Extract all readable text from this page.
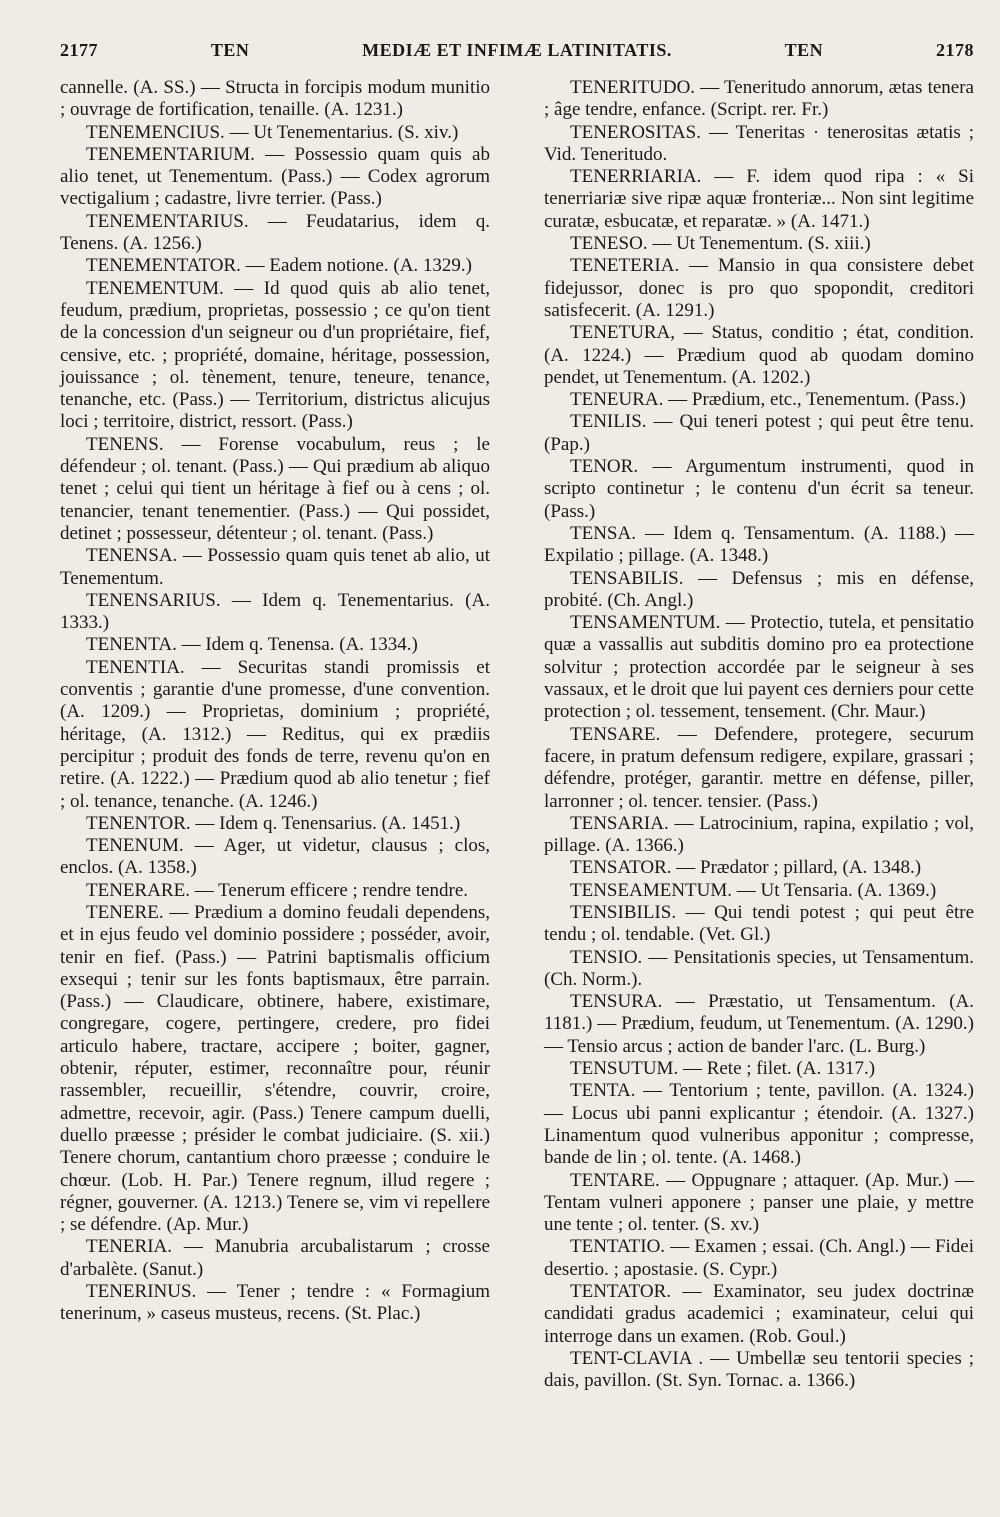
2177	TEN	MEDIÆ ET INFIMÆ LATINITATIS.	TEN	2178

cannelle. (A. SS.) — Structa in forcipis modum munitio ; ouvrage de fortification, tenaille. (A. 1231.)

TENEMENCIUS. — Ut Tenementarius. (S. xiv.)

TENEMENTARIUM. — Possessio quam quis ab alio tenet, ut Tenementum. (Pass.) — Codex agrorum vectigalium ; cadastre, livre terrier. (Pass.)

TENEMENTARIUS. — Feudatarius, idem q. Tenens. (A. 1256.)

TENEMENTATOR. — Eadem notione. (A. 1329.)

TENEMENTUM. — Id quod quis ab alio tenet, feudum, prædium, proprietas, possessio ; ce qu'on tient de la concession d'un seigneur ou d'un propriétaire, fief, censive, etc. ; propriété, domaine, héritage, possession, jouissance ; ol. tènement, tenure, teneure, tenance, tenanche, etc. (Pass.) — Territorium, districtus alicujus loci ; territoire, district, ressort. (Pass.)

TENENS. — Forense vocabulum, reus ; le défendeur ; ol. tenant. (Pass.) — Qui prædium ab aliquo tenet ; celui qui tient un héritage à fief ou à cens ; ol. tenancier, tenant tenementier. (Pass.) — Qui possidet, detinet ; possesseur, détenteur ; ol. tenant. (Pass.)

TENENSA. — Possessio quam quis tenet ab alio, ut Tenementum.

TENENSARIUS. — Idem q. Tenementarius. (A. 1333.)

TENENTA. — Idem q. Tenensa. (A. 1334.)

TENENTIA. — Securitas standi promissis et conventis ; garantie d'une promesse, d'une convention. (A. 1209.) — Proprietas, dominium ; propriété, héritage, (A. 1312.) — Reditus, qui ex prædiis percipitur ; produit des fonds de terre, revenu qu'on en retire. (A. 1222.) — Prædium quod ab alio tenetur ; fief ; ol. tenance, tenanche. (A. 1246.)

TENENTOR. — Idem q. Tenensarius. (A. 1451.)

TENENUM. — Ager, ut videtur, clausus ; clos, enclos. (A. 1358.)

TENERARE. — Tenerum efficere ; rendre tendre.

TENERE. — Prædium a domino feudali dependens, et in ejus feudo vel dominio possidere ; posséder, avoir, tenir en fief. (Pass.) — Patrini baptismalis officium exsequi ; tenir sur les fonts baptismaux, être parrain. (Pass.) — Claudicare, obtinere, habere, existimare, congregare, cogere, pertingere, credere, pro fidei articulo habere, tractare, accipere ; boiter, gagner, obtenir, réputer, estimer, reconnaître pour, réunir rassembler, recueillir, s'étendre, couvrir, croire, admettre, recevoir, agir. (Pass.) Tenere campum duelli, duello præesse ; présider le combat judiciaire. (S. xii.) Tenere chorum, cantantium choro præesse ; conduire le chœur. (Lob. H. Par.) Tenere regnum, illud regere ; régner, gouverner. (A. 1213.) Tenere se, vim vi repellere ; se défendre. (Ap. Mur.)

TENERIA. — Manubria arcubalistarum ; crosse d'arbalète. (Sanut.)

TENERINUS. — Tener ; tendre : « Formagium tenerinum, » caseus musteus, recens. (St. Plac.)

TENERITUDO. — Teneritudo annorum, ætas tenera ; âge tendre, enfance. (Script. rer. Fr.)

TENEROSITAS. — Teneritas · tenerositas ætatis ; Vid. Teneritudo.

TENERRIARIA. — F. idem quod ripa : « Si tenerriariæ sive ripæ aquæ fronteriæ... Non sint legitime curatæ, esbucatæ, et reparatæ. » (A. 1471.)

TENESO. — Ut Tenementum. (S. xiii.)

TENETERIA. — Mansio in qua consistere debet fidejussor, donec is pro quo spopondit, creditori satisfecerit. (A. 1291.)

TENETURA, — Status, conditio ; état, condition. (A. 1224.) — Prædium quod ab quodam domino pendet, ut Tenementum. (A. 1202.)

TENEURA. — Prædium, etc., Tenementum. (Pass.)

TENILIS. — Qui teneri potest ; qui peut être tenu. (Pap.)

TENOR. — Argumentum instrumenti, quod in scripto continetur ; le contenu d'un écrit sa teneur. (Pass.)

TENSA. — Idem q. Tensamentum. (A. 1188.) — Expilatio ; pillage. (A. 1348.)

TENSABILIS. — Defensus ; mis en défense, probité. (Ch. Angl.)

TENSAMENTUM. — Protectio, tutela, et pensitatio quæ a vassallis aut subditis domino pro ea protectione solvitur ; protection accordée par le seigneur à ses vassaux, et le droit que lui payent ces derniers pour cette protection ; ol. tessement, tensement. (Chr. Maur.)

TENSARE. — Defendere, protegere, securum facere, in pratum defensum redigere, expilare, grassari ; défendre, protéger, garantir. mettre en défense, piller, larronner ; ol. tencer. tensier. (Pass.)

TENSARIA. — Latrocinium, rapina, expilatio ; vol, pillage. (A. 1366.)

TENSATOR. — Prædator ; pillard, (A. 1348.)

TENSEAMENTUM. — Ut Tensaria. (A. 1369.)

TENSIBILIS. — Qui tendi potest ; qui peut être tendu ; ol. tendable. (Vet. Gl.)

TENSIO. — Pensitationis species, ut Tensamentum. (Ch. Norm.).

TENSURA. — Præstatio, ut Tensamentum. (A. 1181.) — Prædium, feudum, ut Tenementum. (A. 1290.) — Tensio arcus ; action de bander l'arc. (L. Burg.)

TENSUTUM. — Rete ; filet. (A. 1317.)

TENTA. — Tentorium ; tente, pavillon. (A. 1324.) — Locus ubi panni explicantur ; étendoir. (A. 1327.) Linamentum quod vulneribus apponitur ; compresse, bande de lin ; ol. tente. (A. 1468.)

TENTARE. — Oppugnare ; attaquer. (Ap. Mur.) — Tentam vulneri apponere ; panser une plaie, y mettre une tente ; ol. tenter. (S. xv.)

TENTATIO. — Examen ; essai. (Ch. Angl.) — Fidei desertio. ; apostasie. (S. Cypr.)

TENTATOR. — Examinator, seu judex doctrinæ candidati gradus academici ; examinateur, celui qui interroge dans un examen. (Rob. Goul.)

TENT-CLAVIA . — Umbellæ seu tentorii species ; dais, pavillon. (St. Syn. Tornac. a. 1366.)
